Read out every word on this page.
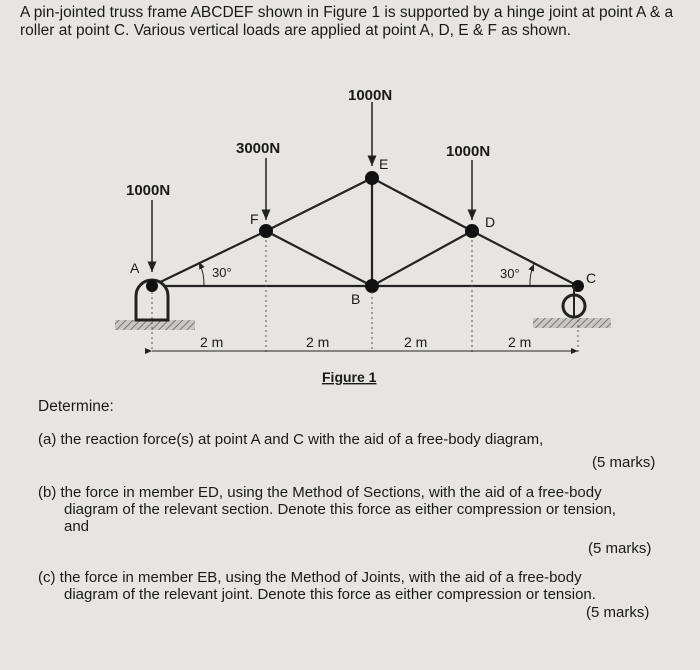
A pin-jointed truss frame ABCDEF shown in Figure 1 is supported by a hinge joint at point A & a roller at point C. Various vertical loads are applied at point A, D, E & F as shown.

1000N
3000N	1000N
1000N
E
F	D
A
B
C
30°	30°
2 m	2 m	2 m	2 m
Figure 1

Determine:

(a) the reaction force(s) at point A and C with the aid of a free-body diagram,

(5 marks)

(b) the force in member ED, using the Method of Sections, with the aid of a free-body
diagram of the relevant section. Denote this force as either compression or tension,
and

(5 marks)

(c) the force in member EB, using the Method of Joints, with the aid of a free-body
diagram of the relevant joint. Denote this force as either compression or tension.

(5 marks)
